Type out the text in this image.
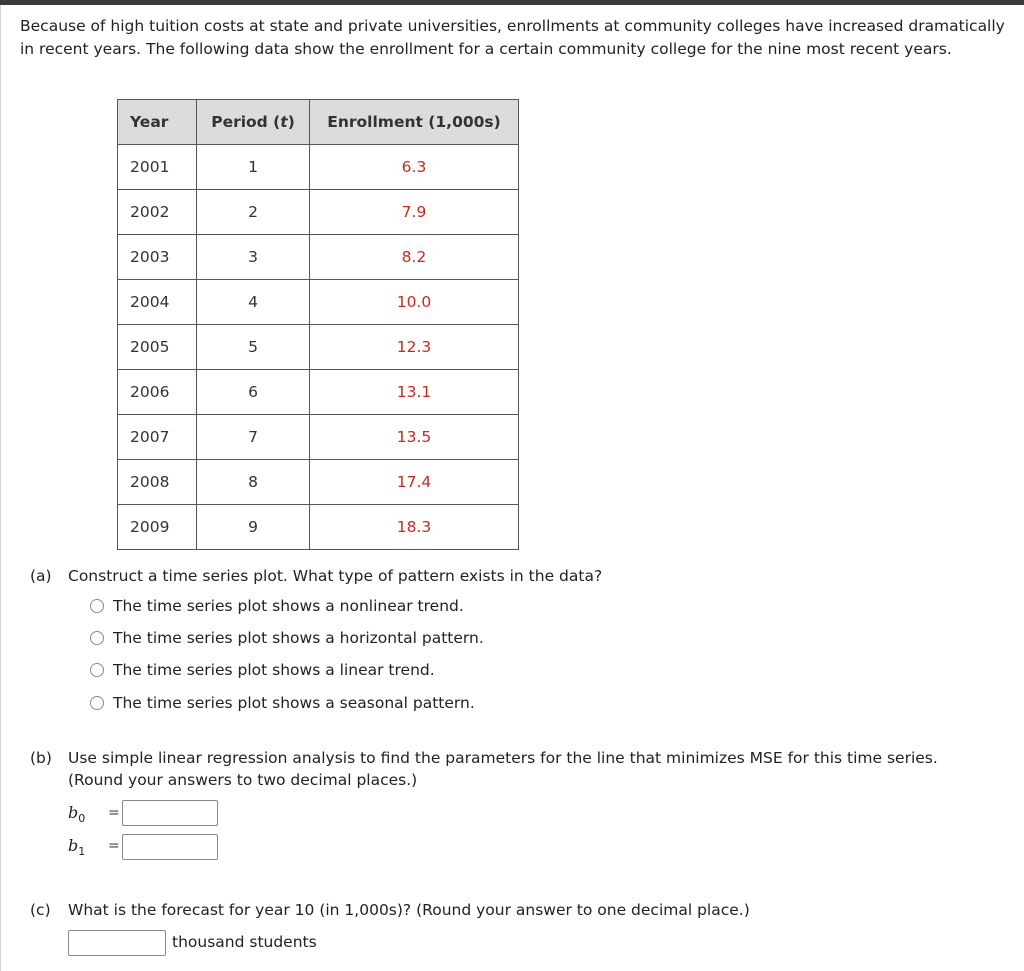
Because of high tuition costs at state and private universities, enrollments at community colleges have increased dramatically in recent years. The following data show the enrollment for a certain community college for the nine most recent years.
Year	Period (t)	Enrollment (1,000s)
2001	1	6.3
2002	2	7.9
2003	3	8.2
2004	4	10.0
2005	5	12.3
2006	6	13.1
2007	7	13.5
2008	8	17.4
2009	9	18.3
(a) Construct a time series plot. What type of pattern exists in the data?
The time series plot shows a nonlinear trend.
The time series plot shows a horizontal pattern.
The time series plot shows a linear trend.
The time series plot shows a seasonal pattern.
(b) Use simple linear regression analysis to find the parameters for the line that minimizes MSE for this time series.
(Round your answers to two decimal places.)
$b_0$ =
$b_1$ =
(c) What is the forecast for year 10 (in 1,000s)? (Round your answer to one decimal place.)
thousand students
